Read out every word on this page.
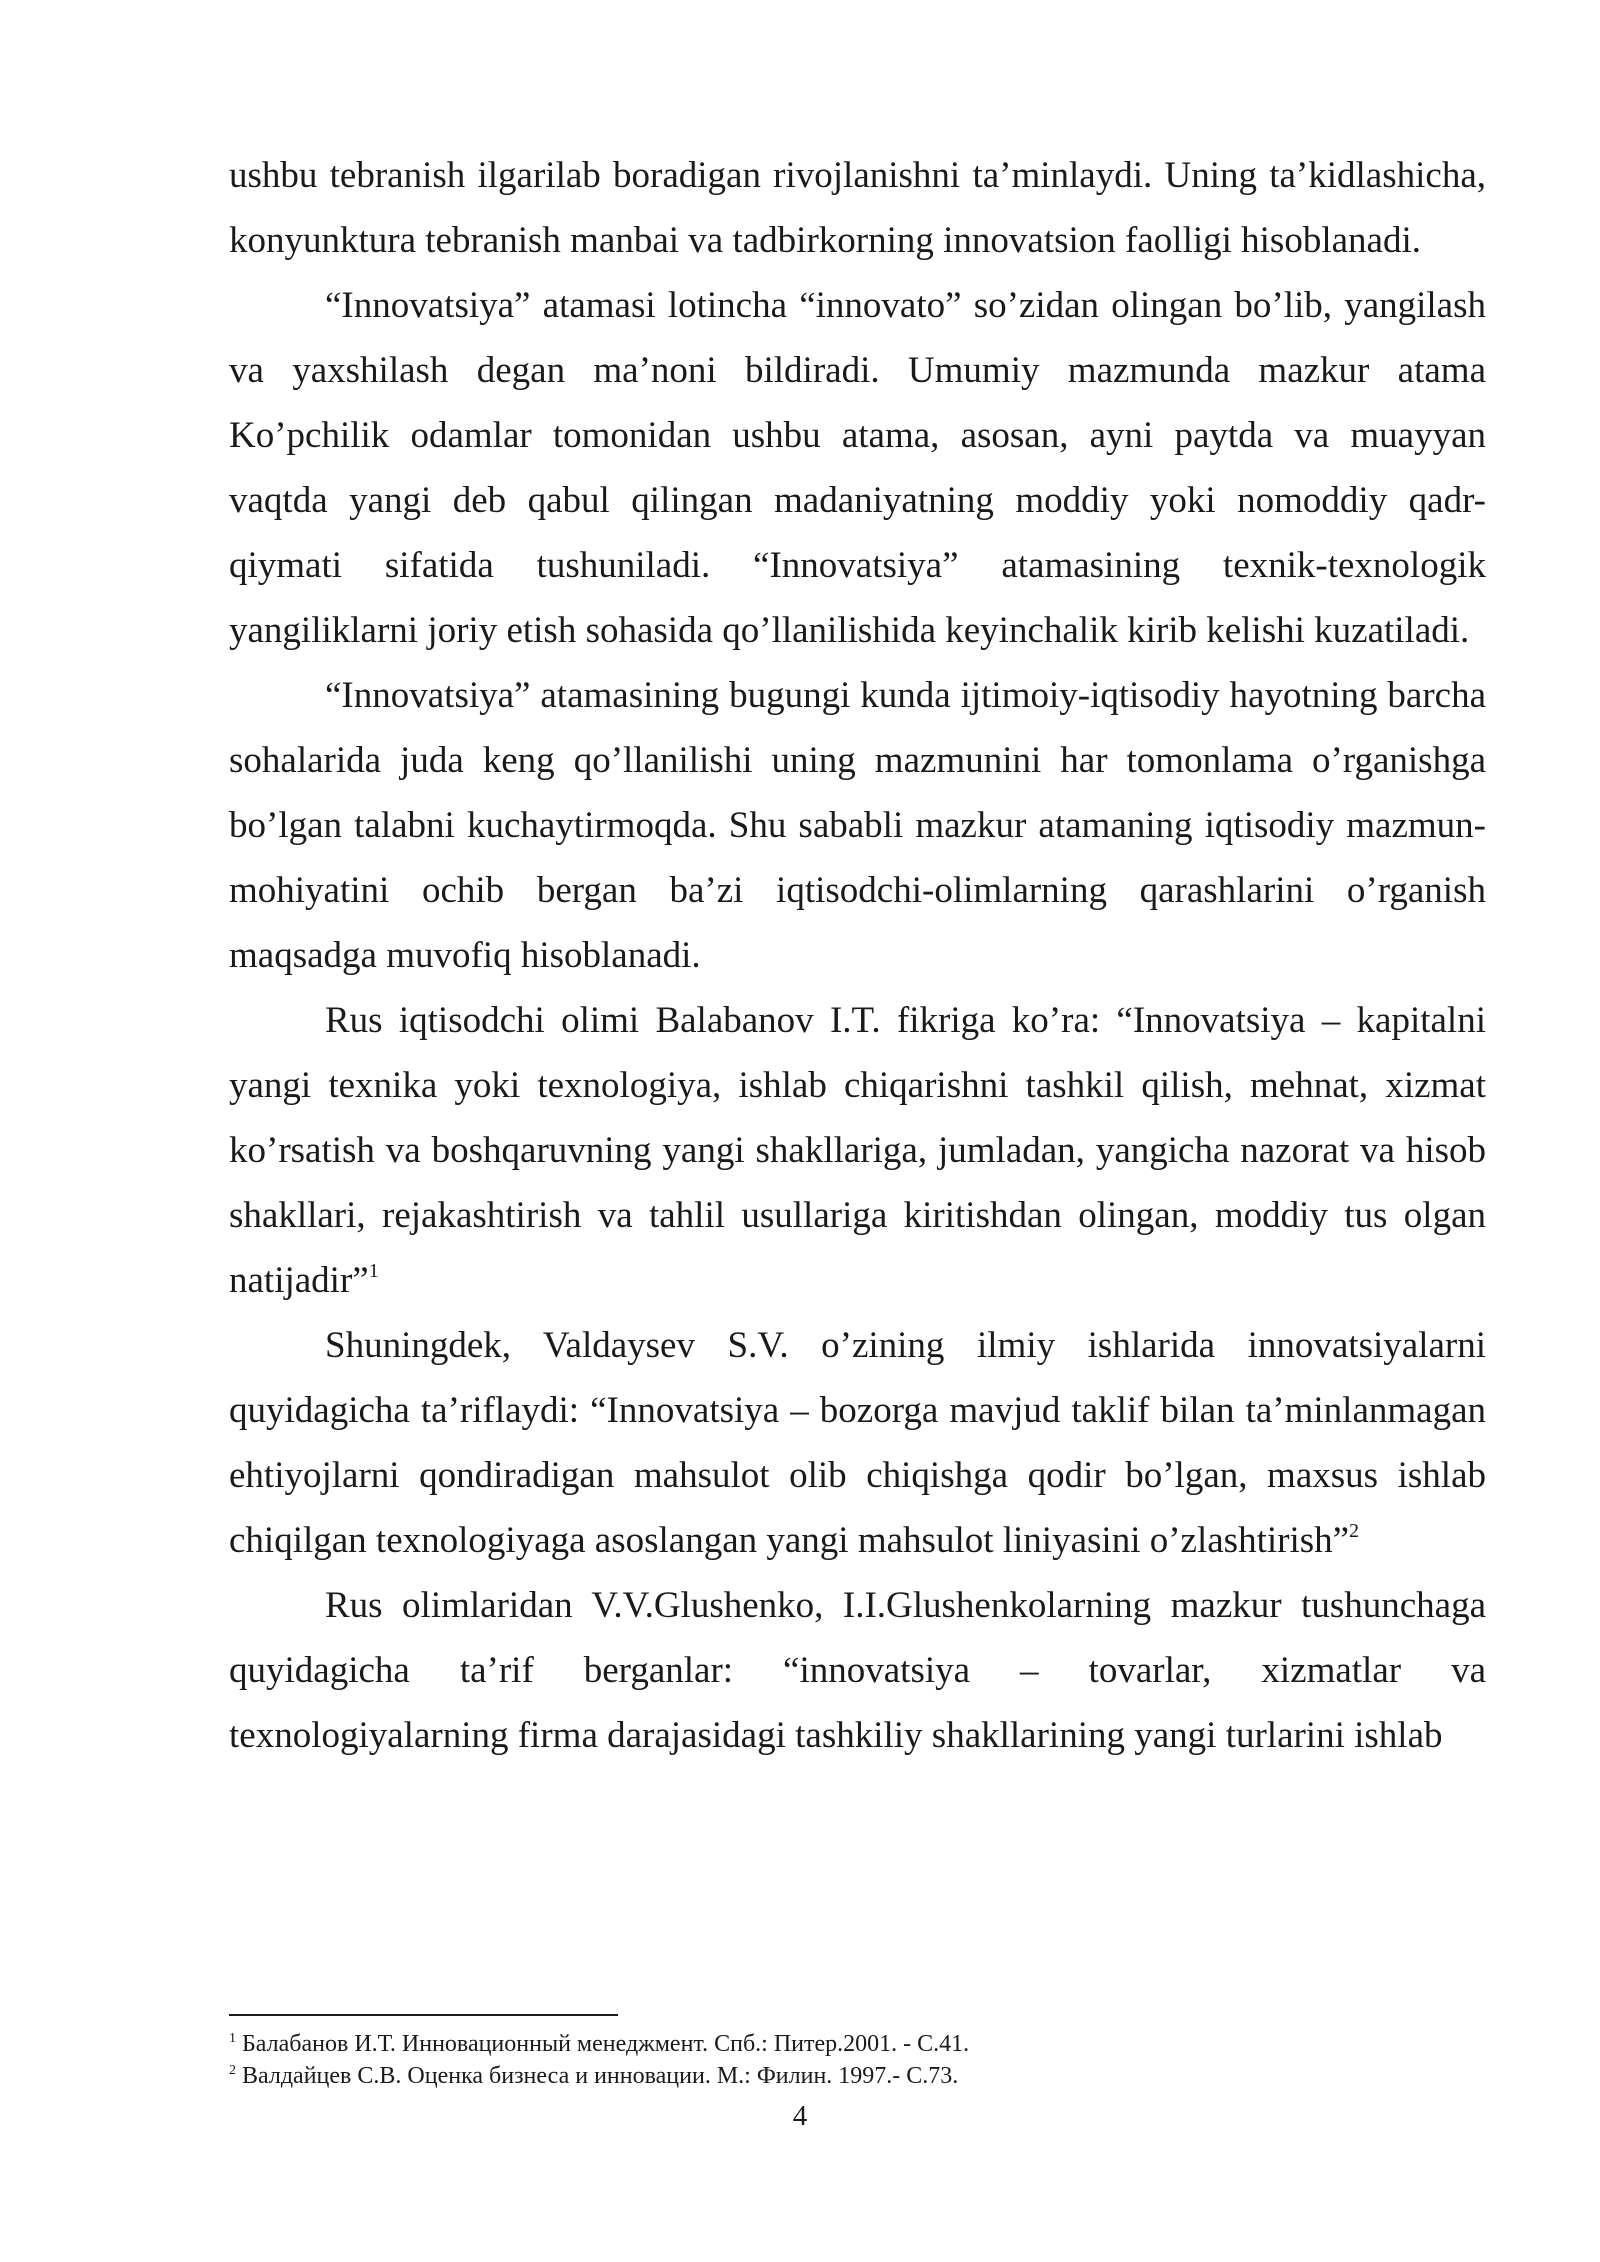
ushbu tebranish ilgarilab boradigan rivojlanishni ta’minlaydi. Uning ta’kidlashicha, konyunktura tebranish manbai va tadbirkorning innovatsion faolligi hisoblanadi.

“Innovatsiya” atamasi lotincha “innovato” so’zidan olingan bo’lib, yangilash va yaxshilash degan ma’noni bildiradi. Umumiy mazmunda mazkur atama Ko’pchilik odamlar tomonidan ushbu atama, asosan, ayni paytda va muayyan vaqtda yangi deb qabul qilingan madaniyatning moddiy yoki nomoddiy qadr-qiymati sifatida tushuniladi. “Innovatsiya” atamasining texnik-texnologik yangiliklarni joriy etish sohasida qo’llanilishida keyinchalik kirib kelishi kuzatiladi.

“Innovatsiya” atamasining bugungi kunda ijtimoiy-iqtisodiy hayotning barcha sohalarida juda keng qo’llanilishi uning mazmunini har tomonlama o’rganishga bo’lgan talabni kuchaytirmoqda. Shu sababli mazkur atamaning iqtisodiy mazmun-mohiyatini ochib bergan ba’zi iqtisodchi-olimlarning qarashlarini o’rganish maqsadga muvofiq hisoblanadi.

Rus iqtisodchi olimi Balabanov I.T. fikriga ko’ra: “Innovatsiya – kapitalni yangi texnika yoki texnologiya, ishlab chiqarishni tashkil qilish, mehnat, xizmat ko’rsatish va boshqaruvning yangi shakllariga, jumladan, yangicha nazorat va hisob shakllari, rejakashtirish va tahlil usullariga kiritishdan olingan, moddiy tus olgan natijadir”$^1$

Shuningdek, Valdaysev S.V. o’zining ilmiy ishlarida innovatsiyalarni quyidagicha ta’riflaydi: “Innovatsiya – bozorga mavjud taklif bilan ta’minlanmagan ehtiyojlarni qondiradigan mahsulot olib chiqishga qodir bo’lgan, maxsus ishlab chiqilgan texnologiyaga asoslangan yangi mahsulot liniyasini o’zlashtirish”$^2$

Rus olimlaridan V.V.Glushenko, I.I.Glushenkolarning mazkur tushunchaga quyidagicha ta’rif berganlar: “innovatsiya – tovarlar, xizmatlar va texnologiyalarning firma darajasidagi tashkiliy shakllarining yangi turlarini ishlab

$^1$ Балабанов И.Т. Инновационный менеджмент. Спб.: Питер.2001. - С.41.

$^2$ Валдайцев С.В. Оценка бизнеса и инновации. М.: Филин. 1997.- С.73.

4
